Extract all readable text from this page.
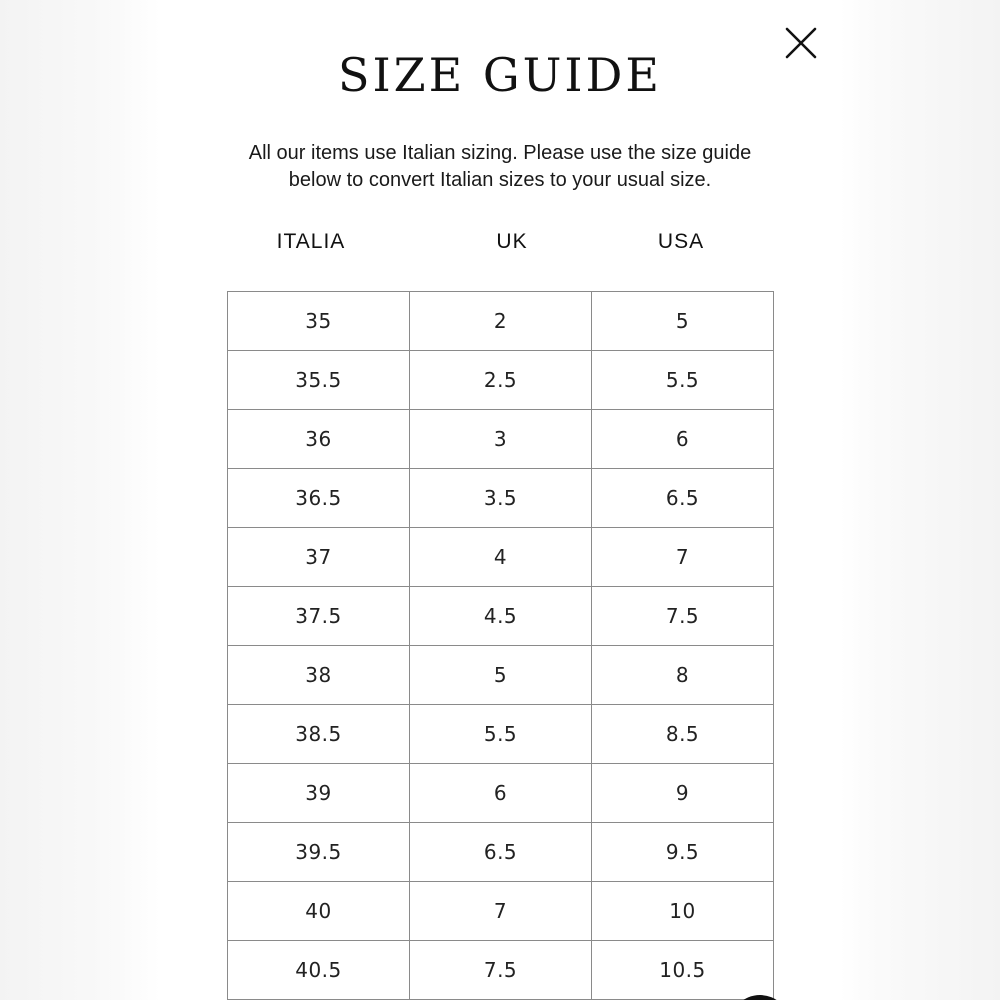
SIZE GUIDE
All our items use Italian sizing. Please use the size guide
below to convert Italian sizes to your usual size.
ITALIA	UK	USA
35	2	5
35.5	2.5	5.5
36	3	6
36.5	3.5	6.5
37	4	7
37.5	4.5	7.5
38	5	8
38.5	5.5	8.5
39	6	9
39.5	6.5	9.5
40	7	10
40.5	7.5	10.5
